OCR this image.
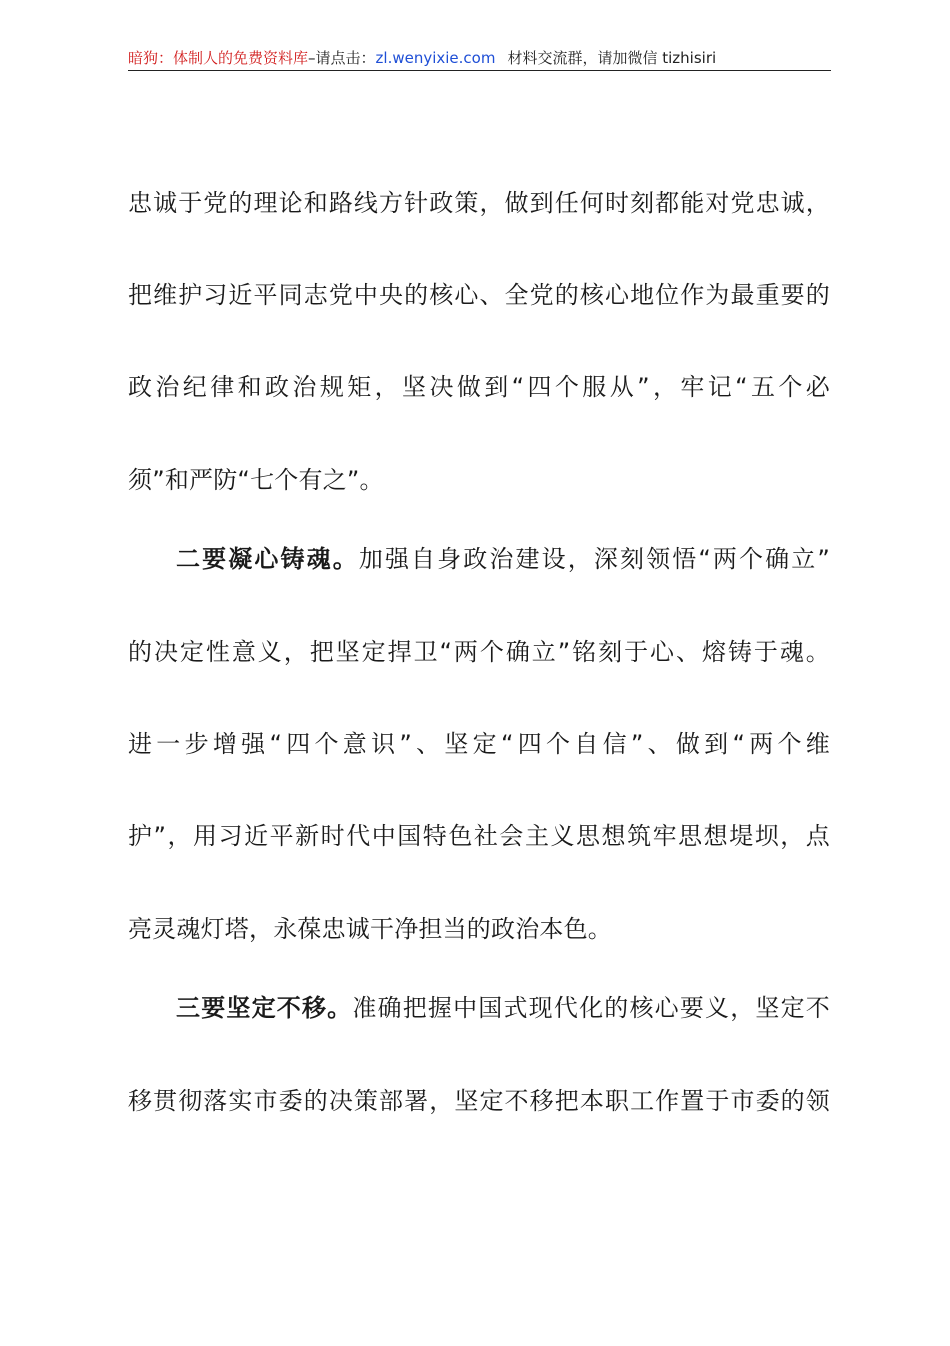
暗狗：体制人的免费资料库–请点击：zl.wenyixie.com 材料交流群，请加微信 tizhisiri
忠诚于党的理论和路线方针政策，做到任何时刻都能对党忠诚，
把维护习近平同志党中央的核心、全党的核心地位作为最重要的
政治纪律和政治规矩，坚决做到“四个服从”，牢记“五个必
须”和严防“七个有之”。
二要凝心铸魂。加强自身政治建设，深刻领悟“两个确立”
的决定性意义，把坚定捍卫“两个确立”铭刻于心、熔铸于魂。
进一步增强“四个意识”、坚定“四个自信”、做到“两个维
护”，用习近平新时代中国特色社会主义思想筑牢思想堤坝，点
亮灵魂灯塔，永葆忠诚干净担当的政治本色。
三要坚定不移。准确把握中国式现代化的核心要义，坚定不
移贯彻落实市委的决策部署，坚定不移把本职工作置于市委的领
